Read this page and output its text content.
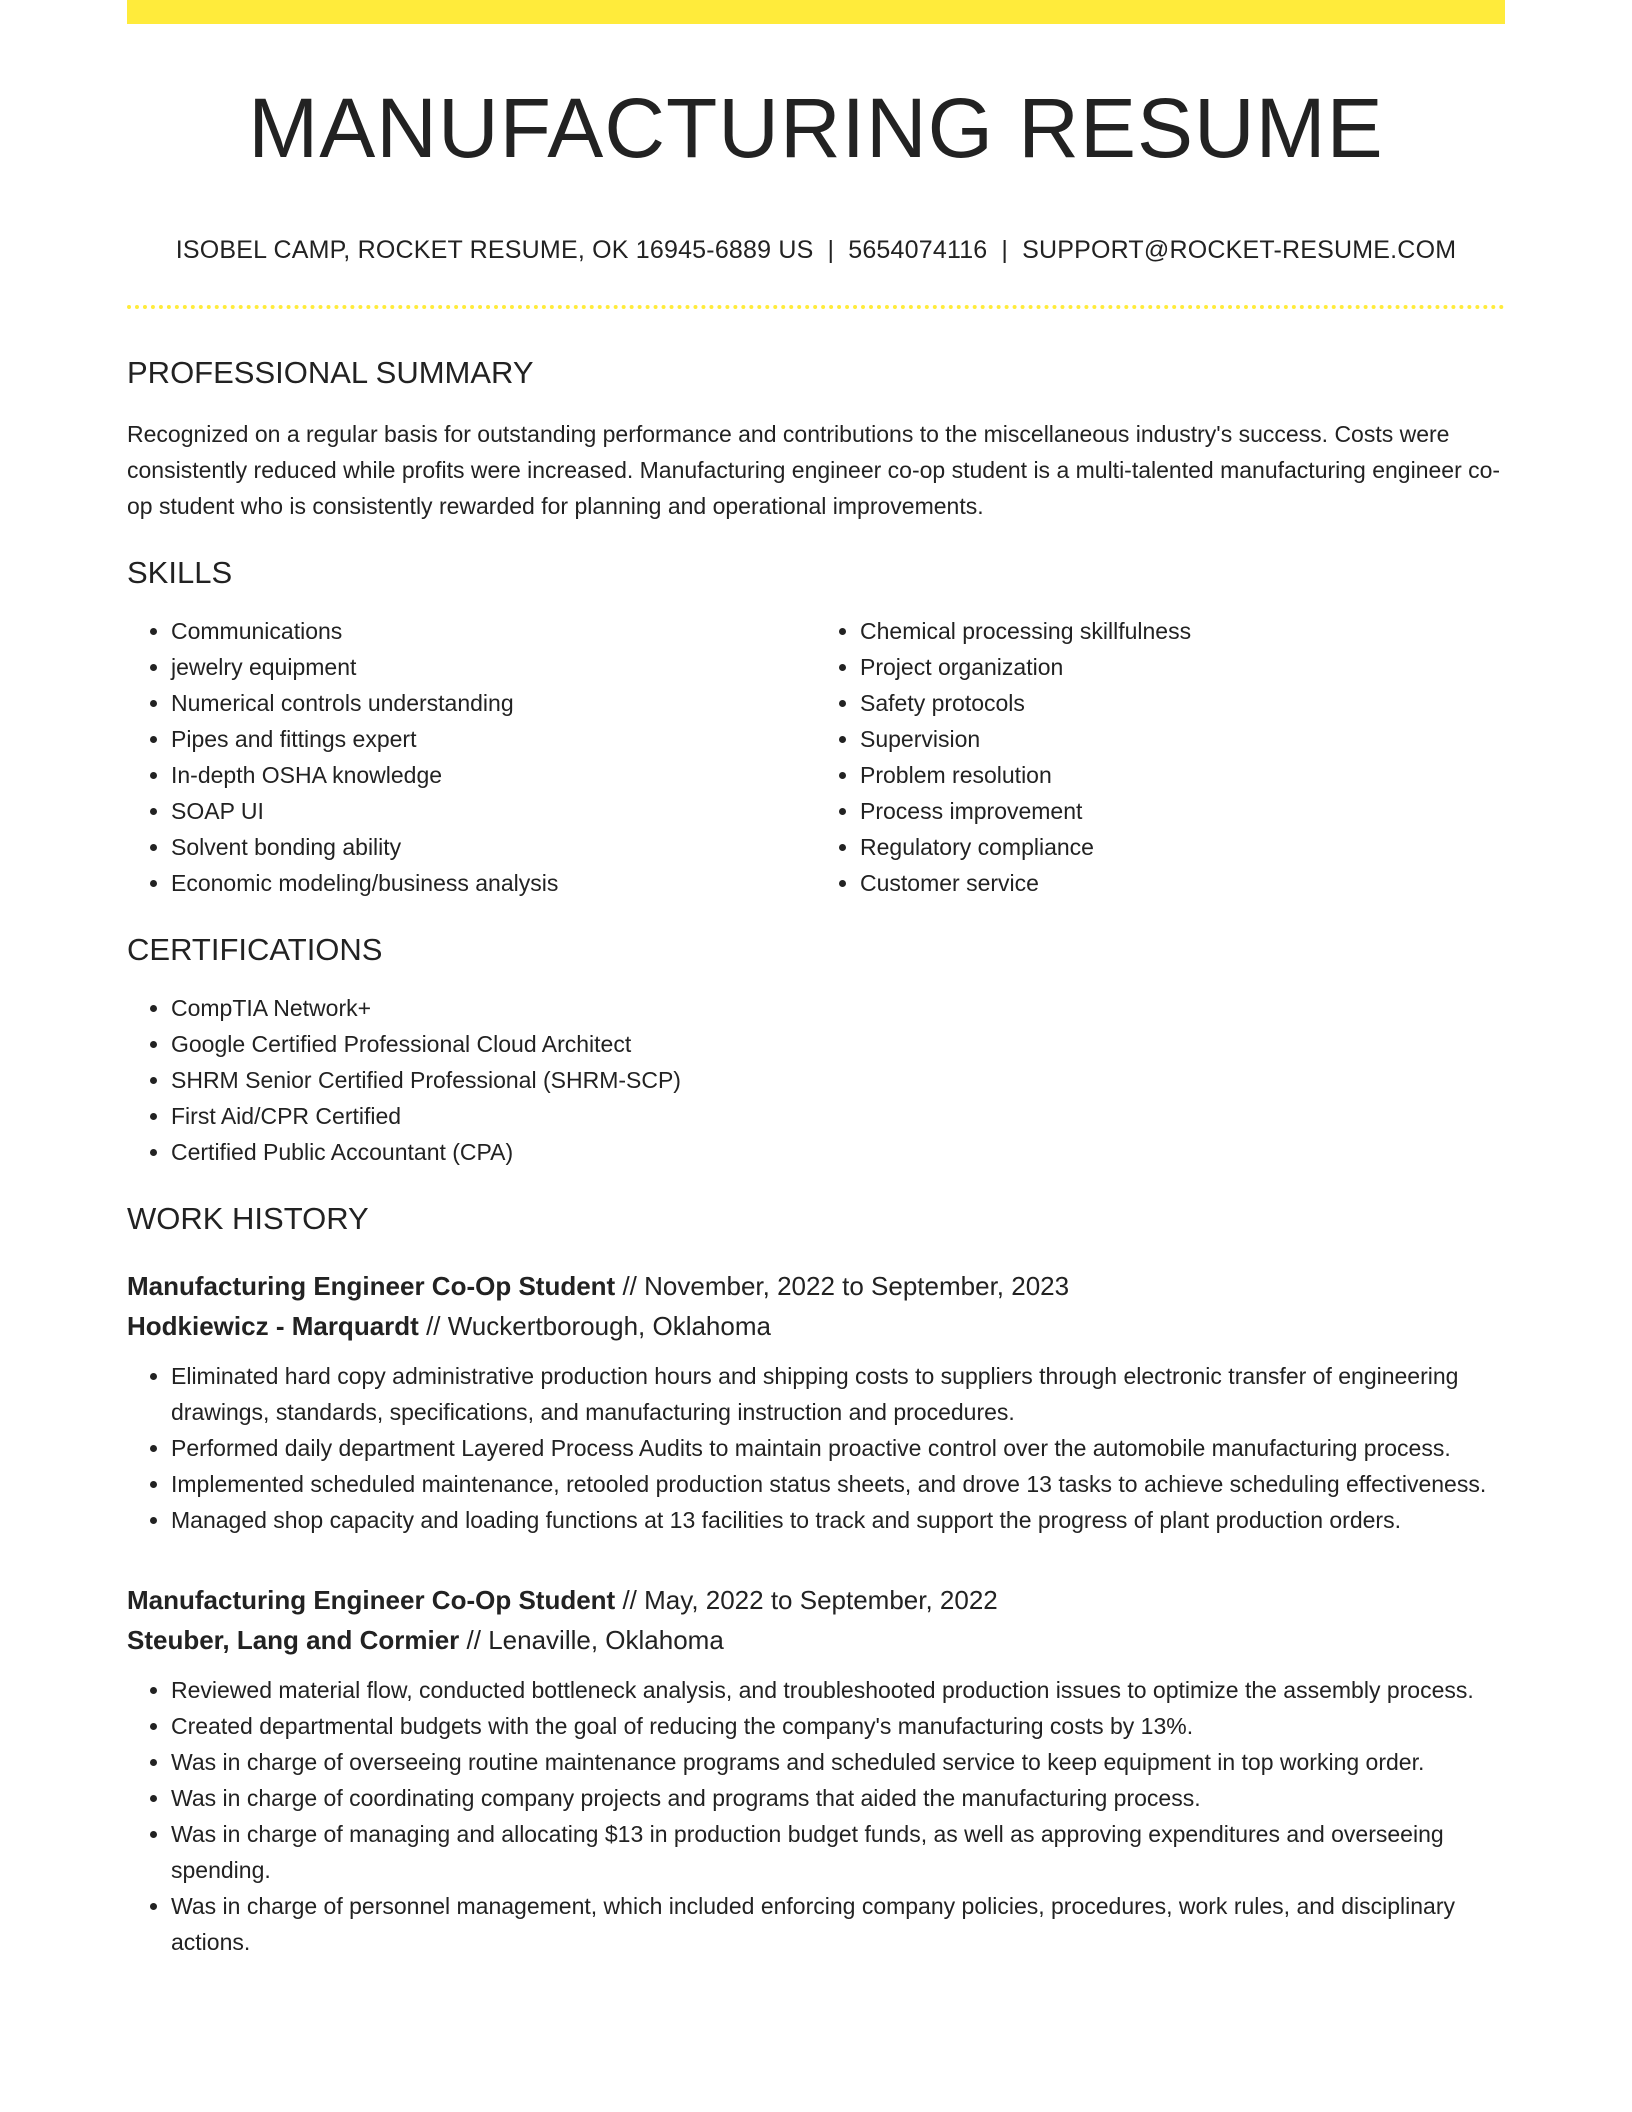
MANUFACTURING RESUME
ISOBEL CAMP, ROCKET RESUME, OK 16945-6889 US | 5654074116 | SUPPORT@ROCKET-RESUME.COM
PROFESSIONAL SUMMARY

Recognized on a regular basis for outstanding performance and contributions to the miscellaneous industry's success. Costs were consistently reduced while profits were increased. Manufacturing engineer co-op student is a multi-talented manufacturing engineer co-op student who is consistently rewarded for planning and operational improvements.

SKILLS
• Communications
• jewelry equipment
• Numerical controls understanding
• Pipes and fittings expert
• In-depth OSHA knowledge
• SOAP UI
• Solvent bonding ability
• Economic modeling/business analysis
• Chemical processing skillfulness
• Project organization
• Safety protocols
• Supervision
• Problem resolution
• Process improvement
• Regulatory compliance
• Customer service
CERTIFICATIONS
• CompTIA Network+
• Google Certified Professional Cloud Architect
• SHRM Senior Certified Professional (SHRM-SCP)
• First Aid/CPR Certified
• Certified Public Accountant (CPA)
WORK HISTORY
Manufacturing Engineer Co-Op Student // November, 2022 to September, 2023
Hodkiewicz - Marquardt // Wuckertborough, Oklahoma
• Eliminated hard copy administrative production hours and shipping costs to suppliers through electronic transfer of engineering drawings, standards, specifications, and manufacturing instruction and procedures.
• Performed daily department Layered Process Audits to maintain proactive control over the automobile manufacturing process.
• Implemented scheduled maintenance, retooled production status sheets, and drove 13 tasks to achieve scheduling effectiveness.
• Managed shop capacity and loading functions at 13 facilities to track and support the progress of plant production orders.
Manufacturing Engineer Co-Op Student // May, 2022 to September, 2022
Steuber, Lang and Cormier // Lenaville, Oklahoma
• Reviewed material flow, conducted bottleneck analysis, and troubleshooted production issues to optimize the assembly process.
• Created departmental budgets with the goal of reducing the company's manufacturing costs by 13%.
• Was in charge of overseeing routine maintenance programs and scheduled service to keep equipment in top working order.
• Was in charge of coordinating company projects and programs that aided the manufacturing process.
• Was in charge of managing and allocating $13 in production budget funds, as well as approving expenditures and overseeing spending.
• Was in charge of personnel management, which included enforcing company policies, procedures, work rules, and disciplinary actions.
